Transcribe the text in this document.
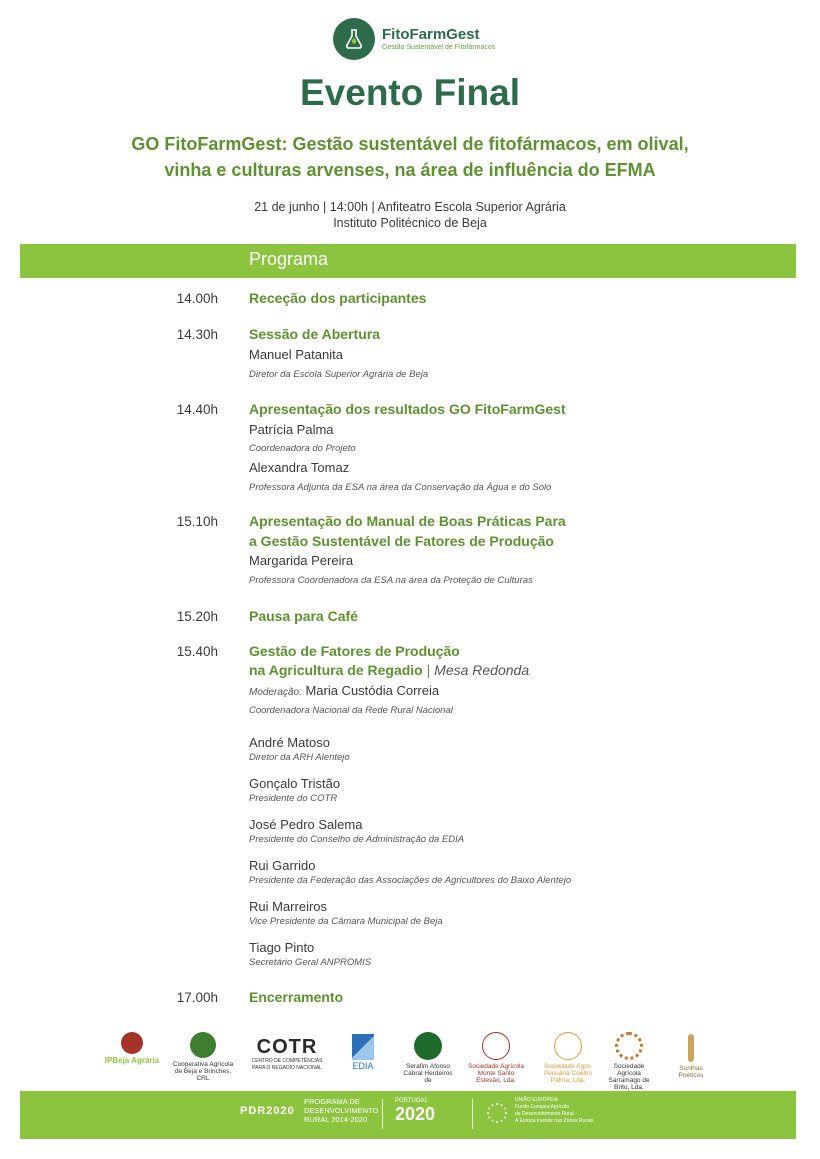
FitoFarmGest
Gestão Sustentável de Fitofármacos
Evento Final
GO FitoFarmGest: Gestão sustentável de fitofármacos, em olival,
vinha e culturas arvenses, na área de influência do EFMA
21 de junho | 14:00h | Anfiteatro Escola Superior Agrária
Instituto Politécnico de Beja
Programa
14.00h Receção dos participantes
14.30h Sessão de Abertura
Manuel Patanita
Diretor da Escola Superior Agrária de Beja
14.40h Apresentação dos resultados GO FitoFarmGest
Patrícia Palma
Coordenadora do Projeto
Alexandra Tomaz
Professora Adjunta da ESA na área da Conservação da Água e do Solo
15.10h Apresentação do Manual de Boas Práticas Para
a Gestão Sustentável de Fatores de Produção
Margarida Pereira
Professora Coordenadora da ESA na área da Proteção de Culturas
15.20h Pausa para Café
15.40h Gestão de Fatores de Produção
na Agricultura de Regadio | Mesa Redonda
Moderação: Maria Custódia Correia
Coordenadora Nacional da Rede Rural Nacional
André Matoso
Diretor da ARH Alentejo
Gonçalo Tristão
Presidente do COTR
José Pedro Salema
Presidente do Conselho de Administração da EDIA
Rui Garrido
Presidente da Federação das Associações de Agricultores do Baixo Alentejo
Rui Marreiros
Vice Presidente da Câmara Municipal de Beja
Tiago Pinto
Secretário Geral ANPROMIS
17.00h Encerramento
IPBeja Agrária	Cooperativa Agrícola de Beja e Brinches, CRL
COTR
CENTRO DE COMPETÊNCIAS PARA O REGADIO NACIONAL	EDIA	Serafim Afonso Cabral Herdeiros de
Sociedade Agrícola Monte Santo Estevão, Lda.
Sociedade Agro-Pecuária Coelho Palma, Lda.
Sociedade Agrícola Sarramago de Brito, Lda.
Sorilhas Poéticos
PDR2020
PROGRAMA DE
DESENVOLVIMENTO
RURAL 2014-2020
PORTUGAL
2020
UNIÃO EUROPEIA
Fundo Europeu Agrícola
de Desenvolvimento Rural
A Europa investe nas Zonas Rurais
